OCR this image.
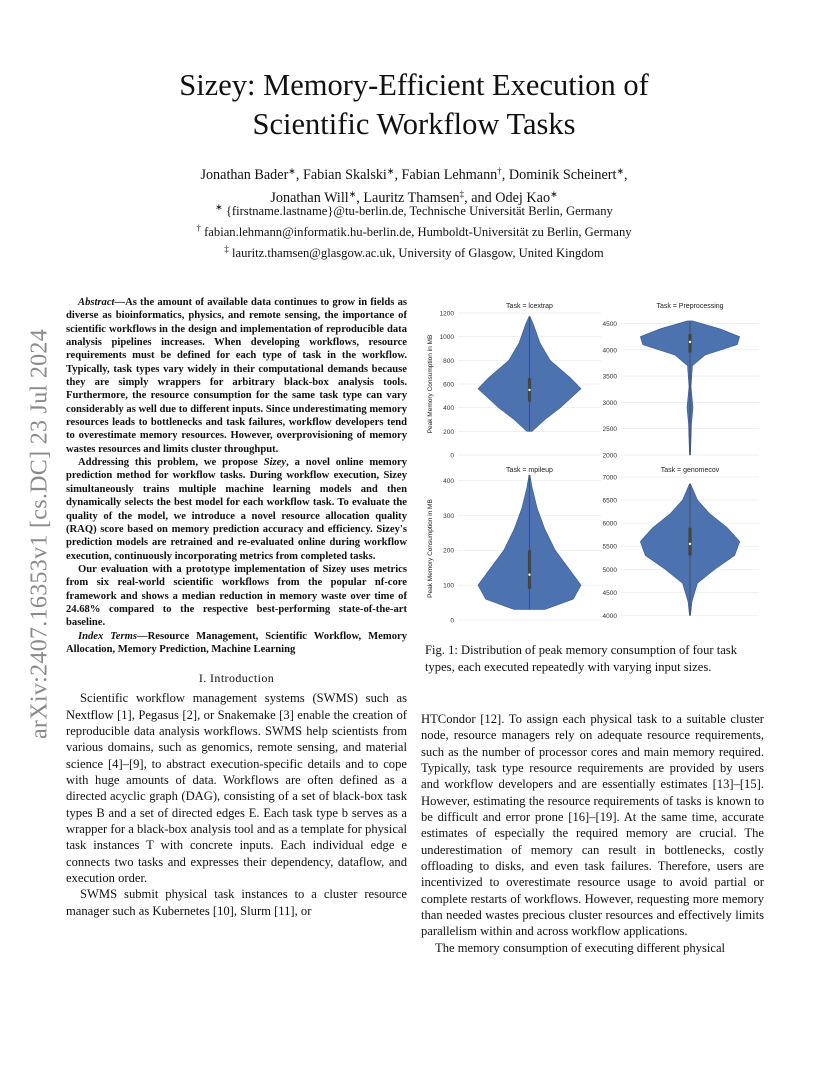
arXiv:2407.16353v1 [cs.DC] 23 Jul 2024
Sizey: Memory-Efficient Execution of
Scientific Workflow Tasks
Jonathan Bader∗, Fabian Skalski∗, Fabian Lehmann†, Dominik Scheinert∗,
Jonathan Will∗, Lauritz Thamsen‡, and Odej Kao∗
∗ {firstname.lastname}@tu-berlin.de, Technische Universität Berlin, Germany
† fabian.lehmann@informatik.hu-berlin.de, Humboldt-Universität zu Berlin, Germany
‡ lauritz.thamsen@glasgow.ac.uk, University of Glasgow, United Kingdom

Abstract—As the amount of available data continues to grow in fields as diverse as bioinformatics, physics, and remote sensing, the importance of scientific workflows in the design and implementation of reproducible data analysis pipelines increases. When developing workflows, resource requirements must be defined for each type of task in the workflow. Typically, task types vary widely in their computational demands because they are simply wrappers for arbitrary black-box analysis tools. Furthermore, the resource consumption for the same task type can vary considerably as well due to different inputs. Since underestimating memory resources leads to bottlenecks and task failures, workflow developers tend to overestimate memory resources. However, overprovisioning of memory wastes resources and limits cluster throughput.

Addressing this problem, we propose Sizey, a novel online memory prediction method for workflow tasks. During workflow execution, Sizey simultaneously trains multiple machine learning models and then dynamically selects the best model for each workflow task. To evaluate the quality of the model, we introduce a novel resource allocation quality (RAQ) score based on memory prediction accuracy and efficiency. Sizey's prediction models are retrained and re-evaluated online during workflow execution, continuously incorporating metrics from completed tasks.

Our evaluation with a prototype implementation of Sizey uses metrics from six real-world scientific workflows from the popular nf-core framework and shows a median reduction in memory waste over time of 24.68% compared to the respective best-performing state-of-the-art baseline.

Index Terms—Resource Management, Scientific Workflow, Memory Allocation, Memory Prediction, Machine Learning

I. Introduction

Scientific workflow management systems (SWMS) such as Nextflow [1], Pegasus [2], or Snakemake [3] enable the creation of reproducible data analysis workflows. SWMS help scientists from various domains, such as genomics, remote sensing, and material science [4]–[9], to abstract execution-specific details and to cope with huge amounts of data. Workflows are often defined as a directed acyclic graph (DAG), consisting of a set of black-box task types B and a set of directed edges E. Each task type b serves as a wrapper for a black-box analysis tool and as a template for physical task instances T with concrete inputs. Each individual edge e connects two tasks and expresses their dependency, dataflow, and execution order.

SWMS submit physical task instances to a cluster resource manager such as Kubernetes [10], Slurm [11], or

0
200
400
600
800
1000
1200
Task = lcextrap
Peak Memory Consumption in MB
2000
2500
3000
3500
4000
4500
Task = Preprocessing
0
100
200
300
400
Task = mpileup
Peak Memory Consumption in MB
4000
4500
5000
5500
6000
6500
7000
Task = genomecov
Fig. 1: Distribution of peak memory consumption of four task types, each executed repeatedly with varying input sizes.

HTCondor [12]. To assign each physical task to a suitable cluster node, resource managers rely on adequate resource requirements, such as the number of processor cores and main memory required. Typically, task type resource requirements are provided by users and workflow developers and are essentially estimates [13]–[15]. However, estimating the resource requirements of tasks is known to be difficult and error prone [16]–[19]. At the same time, accurate estimates of especially the required memory are crucial. The underestimation of memory can result in bottlenecks, costly offloading to disks, and even task failures. Therefore, users are incentivized to overestimate resource usage to avoid partial or complete restarts of workflows. However, requesting more memory than needed wastes precious cluster resources and effectively limits parallelism within and across workflow applications.

The memory consumption of executing different physical
